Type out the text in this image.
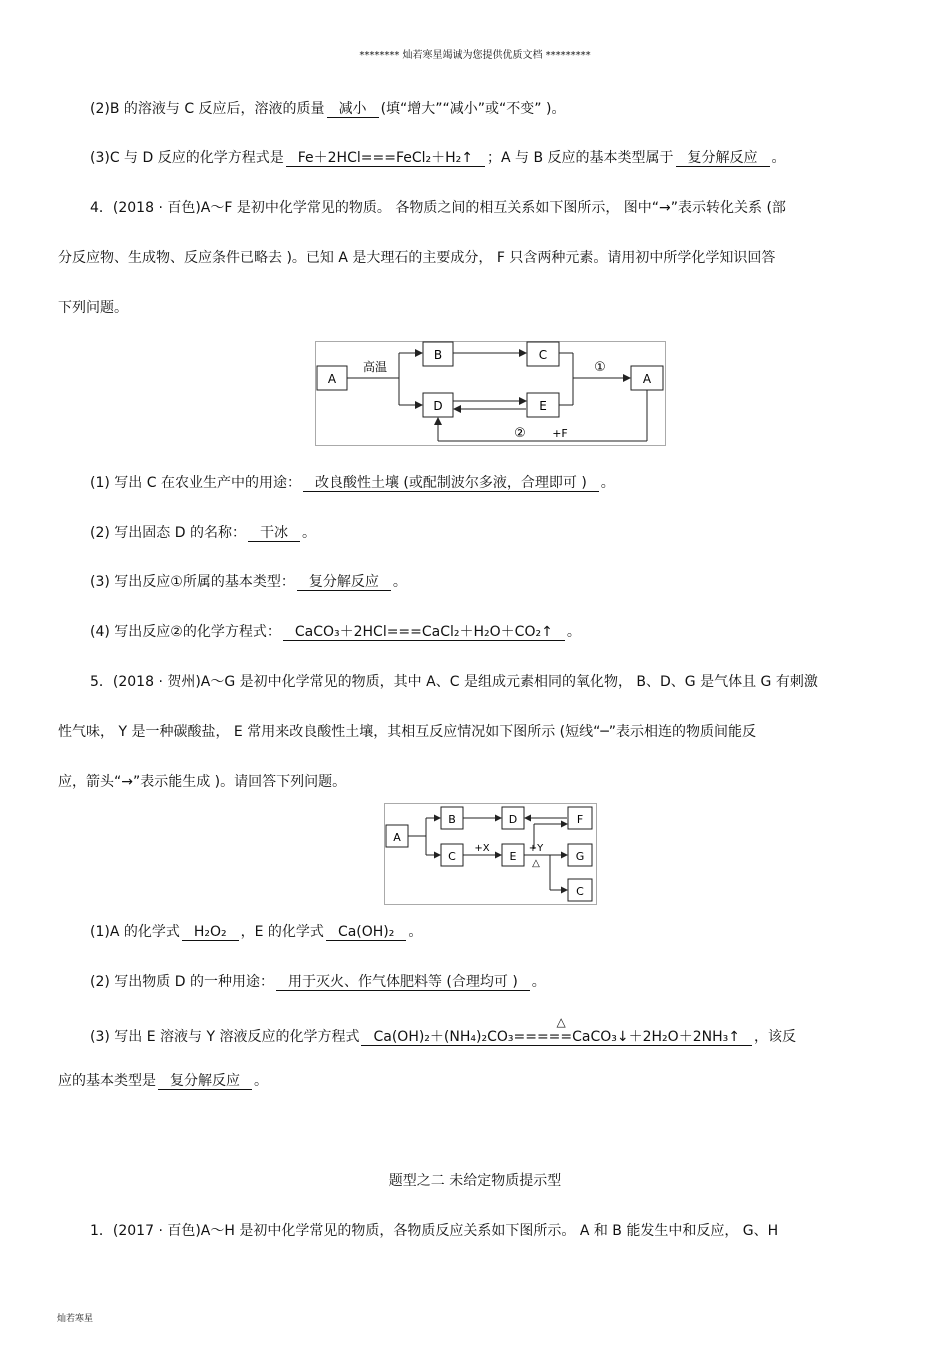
******** 灿若寒星竭诚为您提供优质文档 *********
(2)B 的溶液与 C 反应后，溶液的质量 减小 (填“增大”“减小”或“不变” )。
(3)C 与 D 反应的化学方程式是 Fe＋2HCl===FeCl₂＋H₂↑ ；A 与 B 反应的基本类型属于 复分解反应 。
4．(2018 · 百色)A～F 是初中化学常见的物质。 各物质之间的相互关系如下图所示， 图中“→”表示转化关系 (部
分反应物、生成物、反应条件已略去 )。已知 A 是大理石的主要成分， F 只含两种元素。请用初中所学化学知识回答
下列问题。
A
B	C
D	E
A
高温	①
② +F
(1) 写出 C 在农业生产中的用途： 改良酸性土壤 (或配制波尔多液，合理即可 ) 。
(2) 写出固态 D 的名称： 干冰 。
(3) 写出反应①所属的基本类型： 复分解反应 。
(4) 写出反应②的化学方程式： CaCO₃＋2HCl===CaCl₂＋H₂O＋CO₂↑ 。
5．(2018 · 贺州)A～G 是初中化学常见的物质，其中 A、C 是组成元素相同的氧化物， B、D、G 是气体且 G 有刺激
性气味， Y 是一种碳酸盐， E 常用来改良酸性土壤，其相互反应情况如下图所示 (短线“─”表示相连的物质间能反
应，箭头“→”表示能生成 )。请回答下列问题。
A
B
C
D
E
F
G
C
+X	+Y
△
(1)A 的化学式 H₂O₂ ，E 的化学式 Ca(OH)₂ 。
(2) 写出物质 D 的一种用途： 用于灭火、作气体肥料等 (合理均可 ) 。
(3) 写出 E 溶液与 Y 溶液反应的化学方程式
△
Ca(OH)₂＋(NH₄)₂CO₃=====CaCO₃↓＋2H₂O＋2NH₃↑ ，该反
应的基本类型是 复分解反应 。
题型之二 未给定物质提示型
1．(2017 · 百色)A～H 是初中化学常见的物质，各物质反应关系如下图所示。 A 和 B 能发生中和反应， G、H
灿若寒星
